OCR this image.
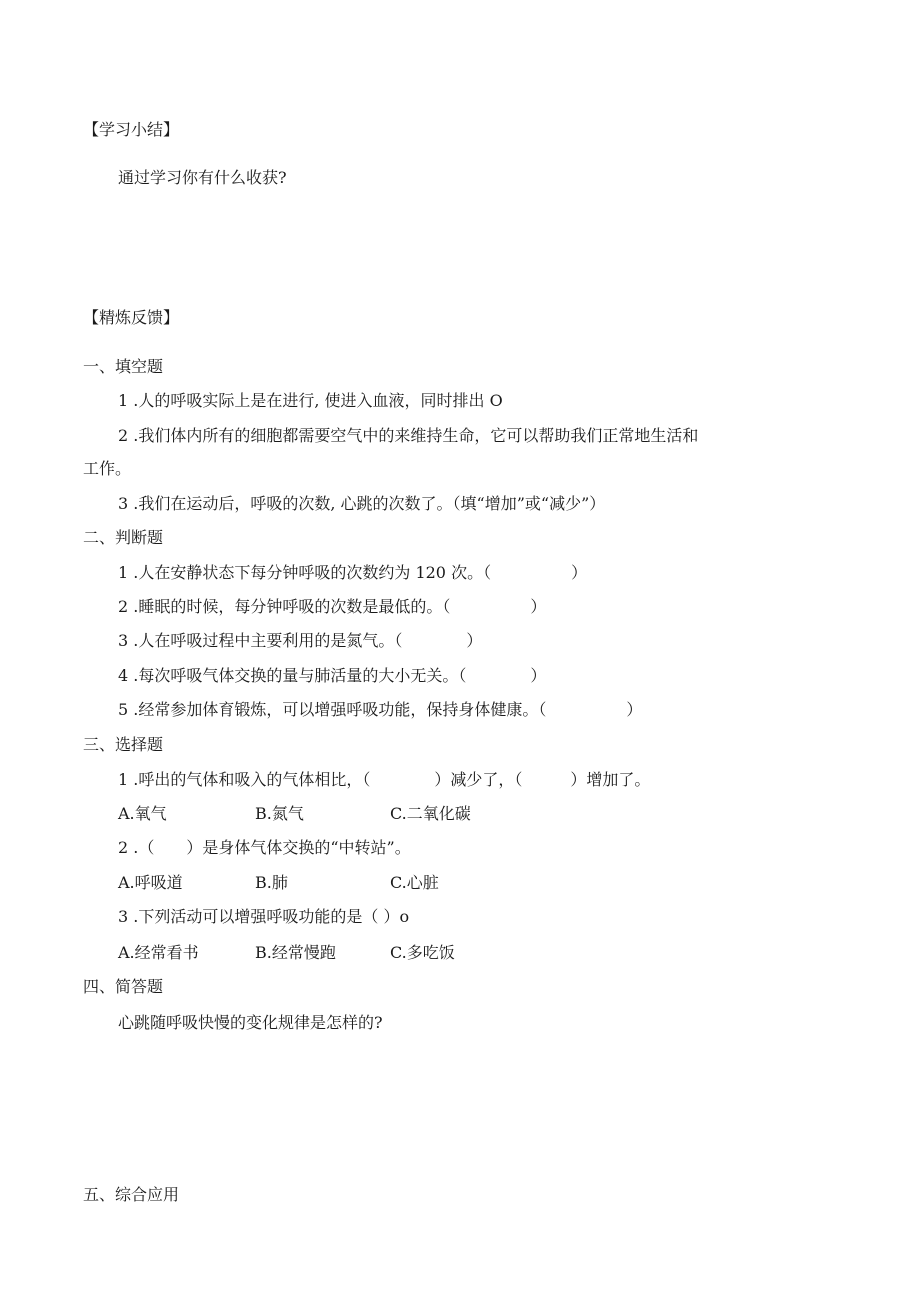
【学习小结】
通过学习你有什么收获?
【精炼反馈】
一、填空题
1 .人的呼吸实际上是在进行, 使进入血液，同时排出 O
2 .我们体内所有的细胞都需要空气中的来维持生命，它可以帮助我们正常地生活和
工作。
3 .我们在运动后，呼吸的次数, 心跳的次数了。（填“增加”或“减少”）
二、判断题
1 .人在安静状态下每分钟呼吸的次数约为 120 次。（　　　　　）
2 .睡眠的时候，每分钟呼吸的次数是最低的。（　　　　　）
3 .人在呼吸过程中主要利用的是氮气。（　　　　）
4 .每次呼吸气体交换的量与肺活量的大小无关。（　　　　）
5 .经常参加体育锻炼，可以增强呼吸功能，保持身体健康。（　　　　　）
三、选择题
1 .呼出的气体和吸入的气体相比，（　　　　）减少了，（　　　）增加了。
A.氧气	B.氮气	C.二氧化碳
2 .（　　）是身体气体交换的“中转站”。
A.呼吸道	B.肺	C.心脏
3 .下列活动可以增强呼吸功能的是（ ）o
A.经常看书	B.经常慢跑	C.多吃饭
四、简答题
心跳随呼吸快慢的变化规律是怎样的?
五、综合应用
